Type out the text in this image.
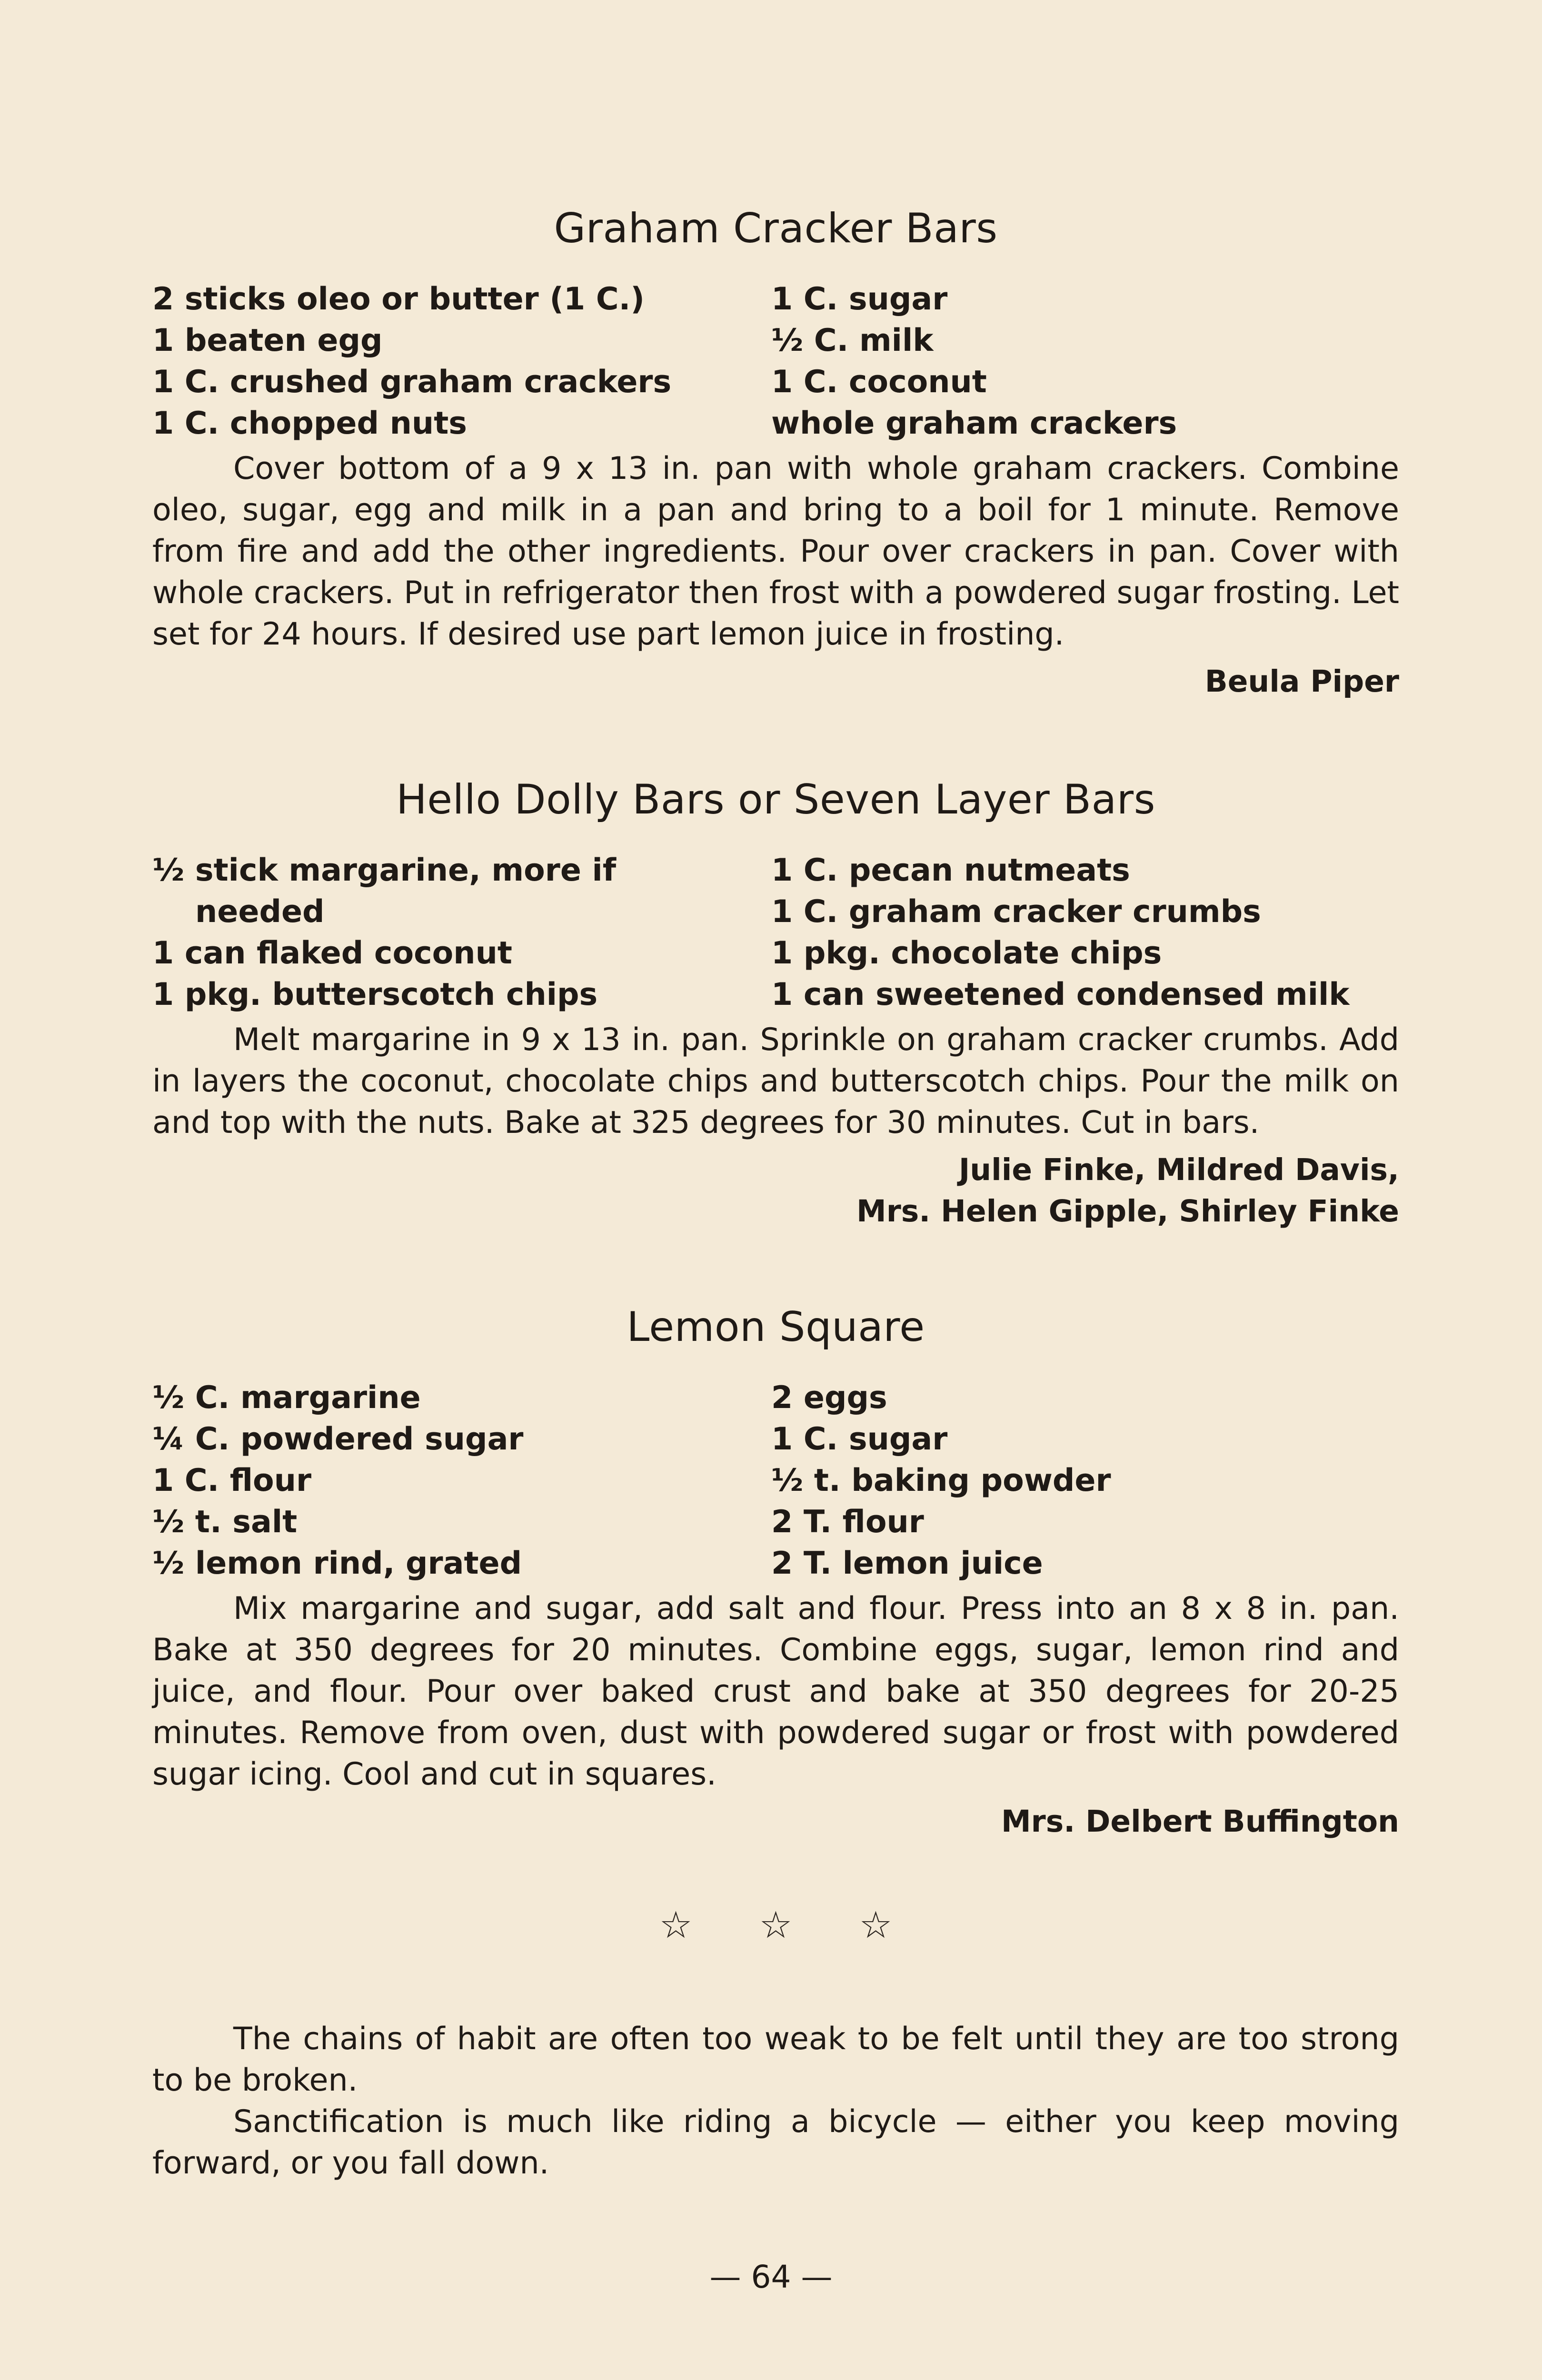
Graham Cracker Bars
2 sticks oleo or butter (1 C.)
1 beaten egg
1 C. crushed graham crackers
1 C. chopped nuts
1 C. sugar
½ C. milk
1 C. coconut
whole graham crackers

Cover bottom of a 9 x 13 in. pan with whole graham crackers. Combine oleo, sugar, egg and milk in a pan and bring to a boil for 1 minute. Remove from fire and add the other ingredients. Pour over crackers in pan. Cover with whole crackers. Put in refrigerator then frost with a powdered sugar frosting. Let set for 24 hours. If desired use part lemon juice in frosting.

Beula Piper
Hello Dolly Bars or Seven Layer Bars
½ stick margarine, more if
needed
1 can flaked coconut
1 pkg. butterscotch chips
1 C. pecan nutmeats
1 C. graham cracker crumbs
1 pkg. chocolate chips
1 can sweetened condensed milk

Melt margarine in 9 x 13 in. pan. Sprinkle on graham cracker crumbs. Add in layers the coconut, chocolate chips and butterscotch chips. Pour the milk on and top with the nuts. Bake at 325 degrees for 30 minutes. Cut in bars.

Julie Finke, Mildred Davis,
Mrs. Helen Gipple, Shirley Finke
Lemon Square
½ C. margarine
¼ C. powdered sugar
1 C. flour
½ t. salt
½ lemon rind, grated
2 eggs
1 C. sugar
½ t. baking powder
2 T. flour
2 T. lemon juice

Mix margarine and sugar, add salt and flour. Press into an 8 x 8 in. pan. Bake at 350 degrees for 20 minutes. Combine eggs, sugar, lemon rind and juice, and flour. Pour over baked crust and bake at 350 degrees for 20-25 minutes. Remove from oven, dust with powdered sugar or frost with powdered sugar icing. Cool and cut in squares.

Mrs. Delbert Buffington
☆ ☆ ☆

The chains of habit are often too weak to be felt until they are too strong to be broken.

Sanctification is much like riding a bicycle — either you keep moving forward, or you fall down.

— 64 —
